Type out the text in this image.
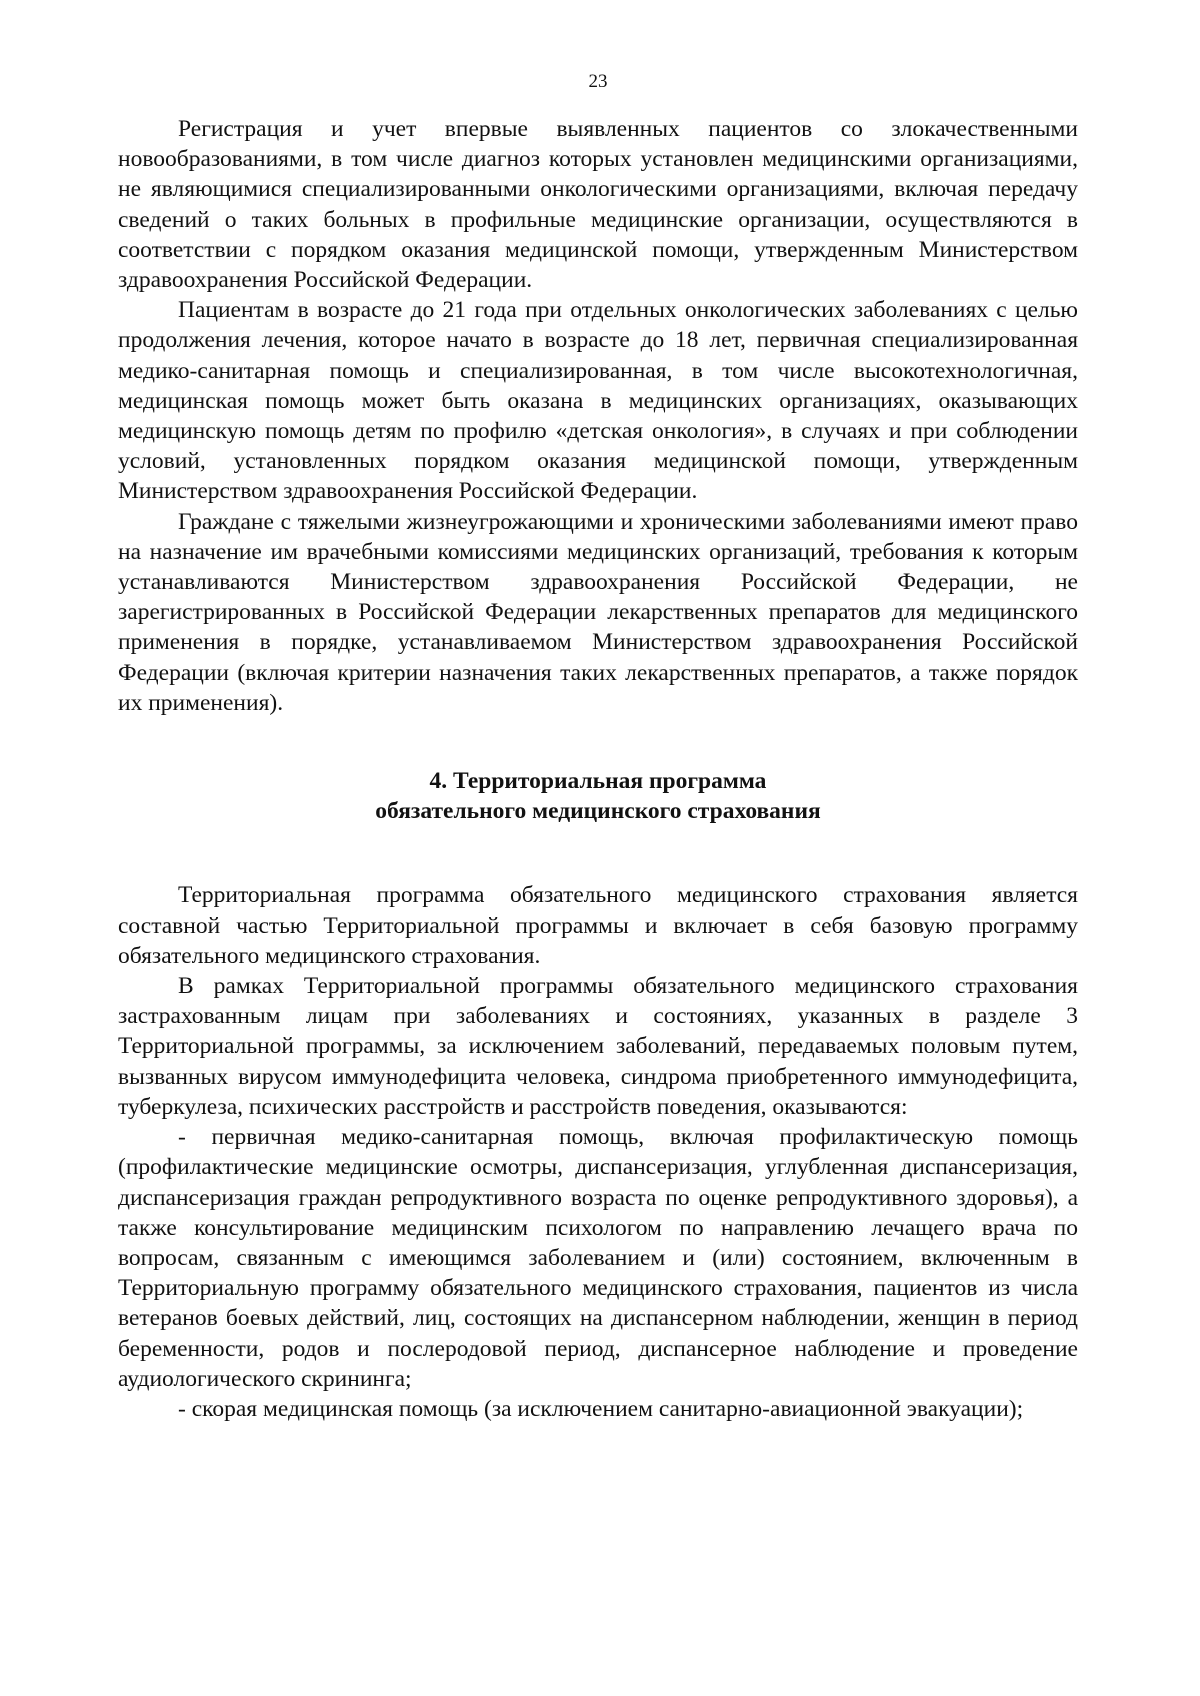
23

Регистрация и учет впервые выявленных пациентов со злокачественными новообразованиями, в том числе диагноз которых установлен медицинскими организациями, не являющимися специализированными онкологическими организациями, включая передачу сведений о таких больных в профильные медицинские организации, осуществляются в соответствии с порядком оказания медицинской помощи, утвержденным Министерством здравоохранения Российской Федерации.

Пациентам в возрасте до 21 года при отдельных онкологических заболеваниях с целью продолжения лечения, которое начато в возрасте до 18 лет, первичная специализированная медико-санитарная помощь и специализированная, в том числе высокотехнологичная, медицинская помощь может быть оказана в медицинских организациях, оказывающих медицинскую помощь детям по профилю «детская онкология», в случаях и при соблюдении условий, установленных порядком оказания медицинской помощи, утвержденным Министерством здравоохранения Российской Федерации.

Граждане с тяжелыми жизнеугрожающими и хроническими заболеваниями имеют право на назначение им врачебными комиссиями медицинских организаций, требования к которым устанавливаются Министерством здравоохранения Российской Федерации, не зарегистрированных в Российской Федерации лекарственных препаратов для медицинского применения в порядке, устанавливаемом Министерством здравоохранения Российской Федерации (включая критерии назначения таких лекарственных препаратов, а также порядок их применения).

4. Территориальная программа
обязательного медицинского страхования

Территориальная программа обязательного медицинского страхования является составной частью Территориальной программы и включает в себя базовую программу обязательного медицинского страхования.

В рамках Территориальной программы обязательного медицинского страхования застрахованным лицам при заболеваниях и состояниях, указанных в разделе 3 Территориальной программы, за исключением заболеваний, передаваемых половым путем, вызванных вирусом иммунодефицита человека, синдрома приобретенного иммунодефицита, туберкулеза, психических расстройств и расстройств поведения, оказываются:

- первичная медико-санитарная помощь, включая профилактическую помощь (профилактические медицинские осмотры, диспансеризация, углубленная диспансеризация, диспансеризация граждан репродуктивного возраста по оценке репродуктивного здоровья), а также консультирование медицинским психологом по направлению лечащего врача по вопросам, связанным с имеющимся заболеванием и (или) состоянием, включенным в Территориальную программу обязательного медицинского страхования, пациентов из числа ветеранов боевых действий, лиц, состоящих на диспансерном наблюдении, женщин в период беременности, родов и послеродовой период, диспансерное наблюдение и проведение аудиологического скрининга;

- скорая медицинская помощь (за исключением санитарно-авиационной эвакуации);
